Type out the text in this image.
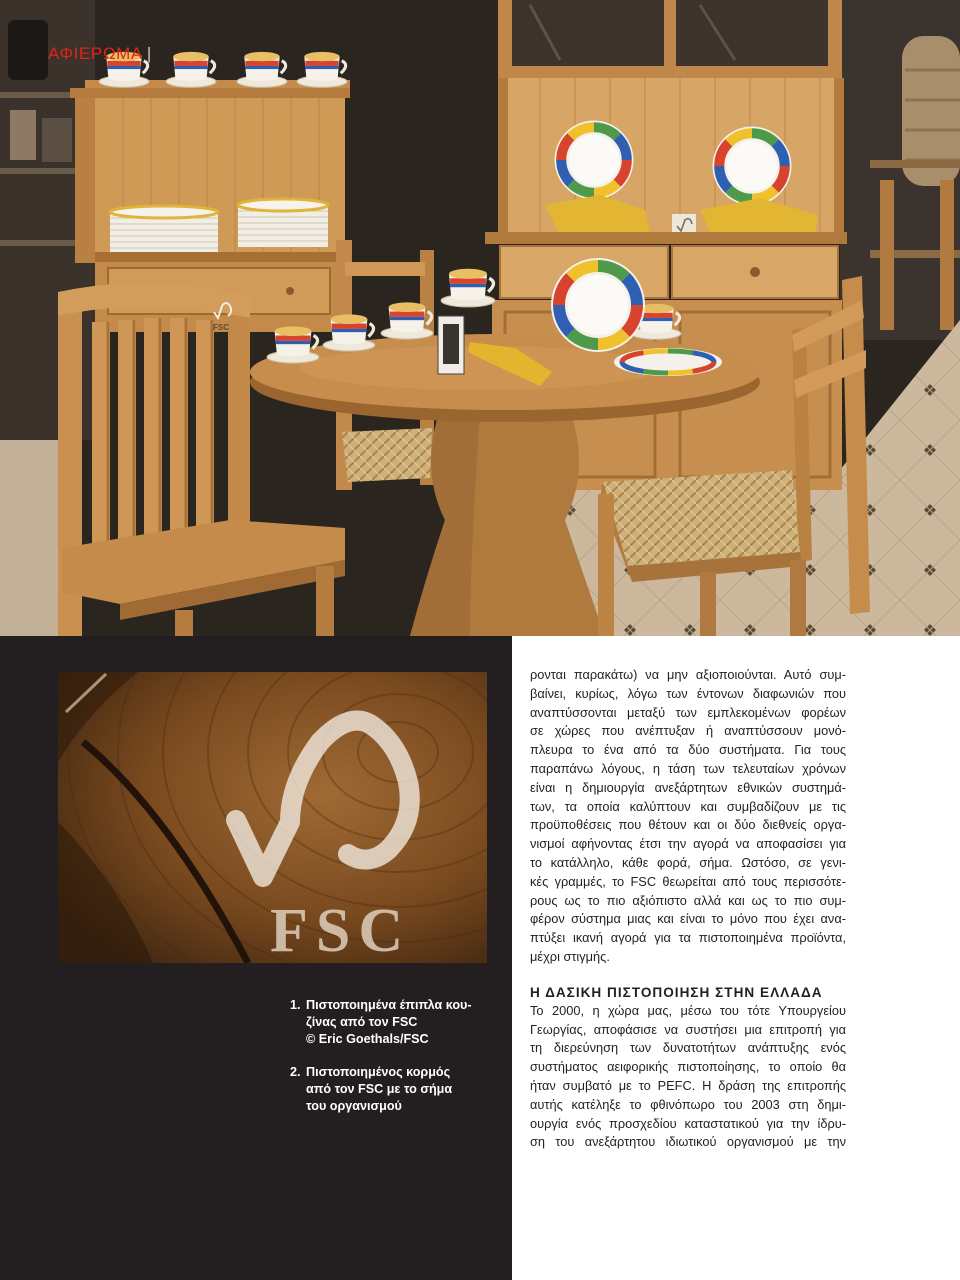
FSC
ΑΦΙΕΡΩΜΑ |
FSC
1. Πιστοποιημένα έπιπλα κου-
ζίνας από τον FSC
© Eric Goethals/FSC
2. Πιστοποιημένος κορμός
από τον FSC με το σήμα
του οργανισμού
ρονται παρακάτω) να μην αξιοποιούνται. Αυτό συμ-
βαίνει, κυρίως, λόγω των έντονων διαφωνιών που
αναπτύσσονται μεταξύ των εμπλεκομένων φορέων
σε χώρες που ανέπτυξαν ή αναπτύσσουν μονό-
πλευρα το ένα από τα δύο συστήματα. Για τους
παραπάνω λόγους, η τάση των τελευταίων χρόνων
είναι η δημιουργία ανεξάρτητων εθνικών συστημά-
των, τα οποία καλύπτουν και συμβαδίζουν με τις
προϋποθέσεις που θέτουν και οι δύο διεθνείς οργα-
νισμοί αφήνοντας έτσι την αγορά να αποφασίσει για
το κατάλληλο, κάθε φορά, σήμα. Ωστόσο, σε γενι-
κές γραμμές, το FSC θεωρείται από τους περισσότε-
ρους ως το πιο αξιόπιστο αλλά και ως το πιο συμ-
φέρον σύστημα μιας και είναι το μόνο που έχει ανα-
πτύξει ικανή αγορά για τα πιστοποιημένα προϊόντα,
μέχρι στιγμής.
Η ΔΑΣΙΚΗ ΠΙΣΤΟΠΟΙΗΣΗ ΣΤΗΝ ΕΛΛΑΔΑ
Το 2000, η χώρα μας, μέσω του τότε Υπουργείου
Γεωργίας, αποφάσισε να συστήσει μια επιτροπή για
τη διερεύνηση των δυνατοτήτων ανάπτυξης ενός
συστήματος αειφορικής πιστοποίησης, το οποίο θα
ήταν συμβατό με το PEFC. Η δράση της επιτροπής
αυτής κατέληξε το φθινόπωρο του 2003 στη δημι-
ουργία ενός προσχεδίου καταστατικού για την ίδρυ-
ση του ανεξάρτητου ιδιωτικού οργανισμού με την
